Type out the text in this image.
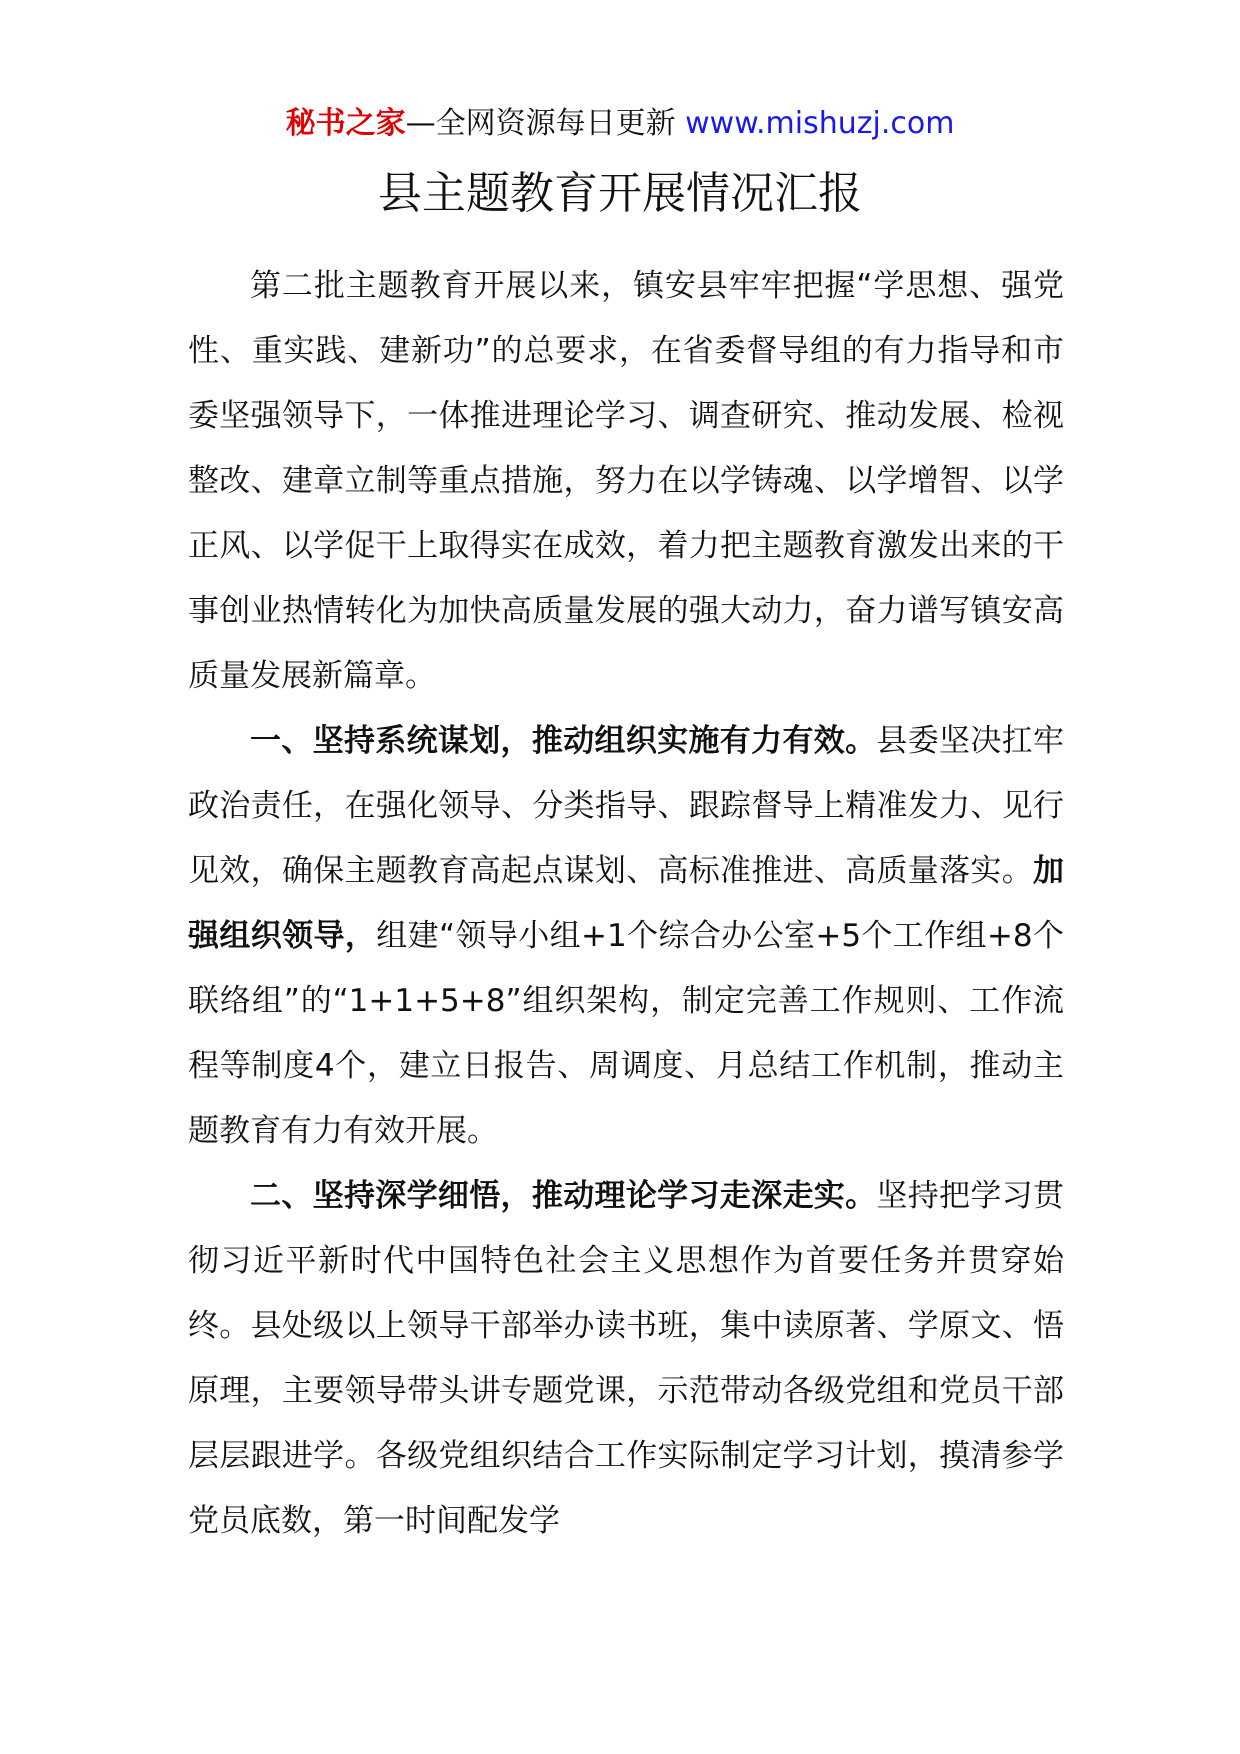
秘书之家—全网资源每日更新 www.mishuzj.com
县主题教育开展情况汇报

第二批主题教育开展以来，镇安县牢牢把握“学思想、强党性、重实践、建新功”的总要求，在省委督导组的有力指导和市委坚强领导下，一体推进理论学习、调查研究、推动发展、检视整改、建章立制等重点措施，努力在以学铸魂、以学增智、以学正风、以学促干上取得实在成效，着力把主题教育激发出来的干事创业热情转化为加快高质量发展的强大动力，奋力谱写镇安高质量发展新篇章。

一、坚持系统谋划，推动组织实施有力有效。县委坚决扛牢政治责任，在强化领导、分类指导、跟踪督导上精准发力、见行见效，确保主题教育高起点谋划、高标准推进、高质量落实。加强组织领导，组建“领导小组+1个综合办公室+5个工作组+8个联络组”的“1+1+5+8”组织架构，制定完善工作规则、工作流程等制度4个，建立日报告、周调度、月总结工作机制，推动主题教育有力有效开展。

二、坚持深学细悟，推动理论学习走深走实。坚持把学习贯彻习近平新时代中国特色社会主义思想作为首要任务并贯穿始终。县处级以上领导干部举办读书班，集中读原著、学原文、悟原理，主要领导带头讲专题党课，示范带动各级党组和党员干部层层跟进学。各级党组织结合工作实际制定学习计划，摸清参学党员底数，第一时间配发学
